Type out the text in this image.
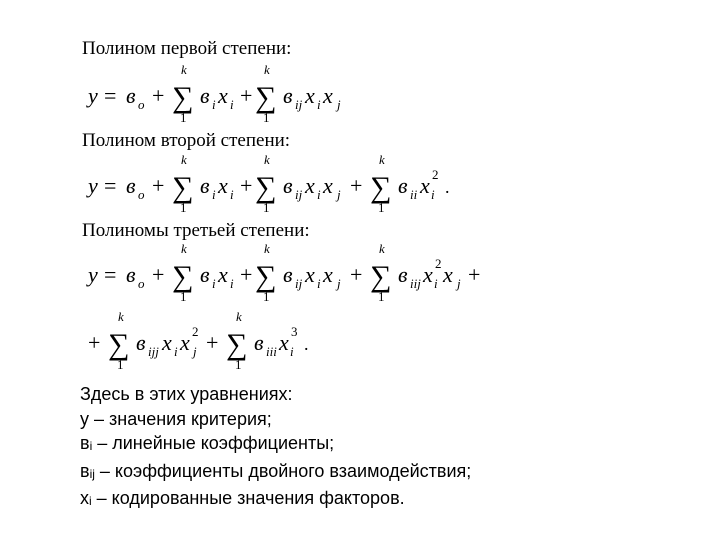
Полином первой степени:
Полином второй степени:
Полиномы третьей степени:
y = в o +
k
∑
1
в i x i +
k
∑
1
в ij x i x j
y = в o +
k
∑
1
в i x i +
k
∑
1
в ij x i x j +
k
∑
1
в ii x 2
i .
y = в o +
k
∑
1
в i x i +
k
∑
1
в ij x i x j +
k
∑
1
в iij x 2
i x j +
+
k
∑
1
в ijj x i x 2
j +
k
∑
1
в iii x 3
i .
Здесь в этих уравнениях:
у – значения критерия;
вi – линейные коэффициенты;
вij – коэффициенты двойного взаимодействия;
xi – кодированные значения факторов.
